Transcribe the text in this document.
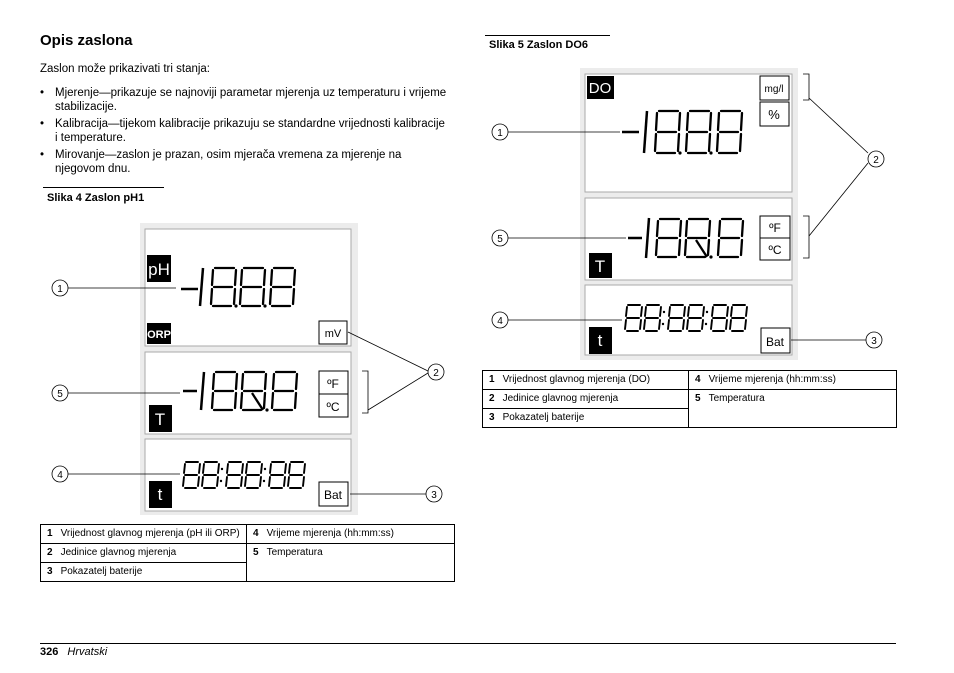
Opis zaslona
Zaslon može prikazivati tri stanja:
• Mjerenje—prikazuje se najnoviji parametar mjerenja uz temperaturu i vrijeme stabilizacije.
• Kalibracija—tijekom kalibracije prikazuju se standardne vrijednosti kalibracije i temperature.
• Mirovanje—zaslon je prazan, osim mjerača vremena za mjerenje na njegovom dnu.
Slika 4 Zaslon pH1
pH
ORP
T
t
mV
ºF
ºC
Bat
1
2
3
4
5
1 Vrijednost glavnog mjerenja (pH ili ORP)	4 Vrijeme mjerenja (hh:mm:ss)
2 Jedinice glavnog mjerenja	5 Temperatura
3 Pokazatelj baterije	
Slika 5 Zaslon DO6
DO
T
t
mg/l
%
ºF
ºC
Bat
1
2
3
4
5
1 Vrijednost glavnog mjerenja (DO)	4 Vrijeme mjerenja (hh:mm:ss)
2 Jedinice glavnog mjerenja	5 Temperatura
3 Pokazatelj baterije	
326 Hrvatski
